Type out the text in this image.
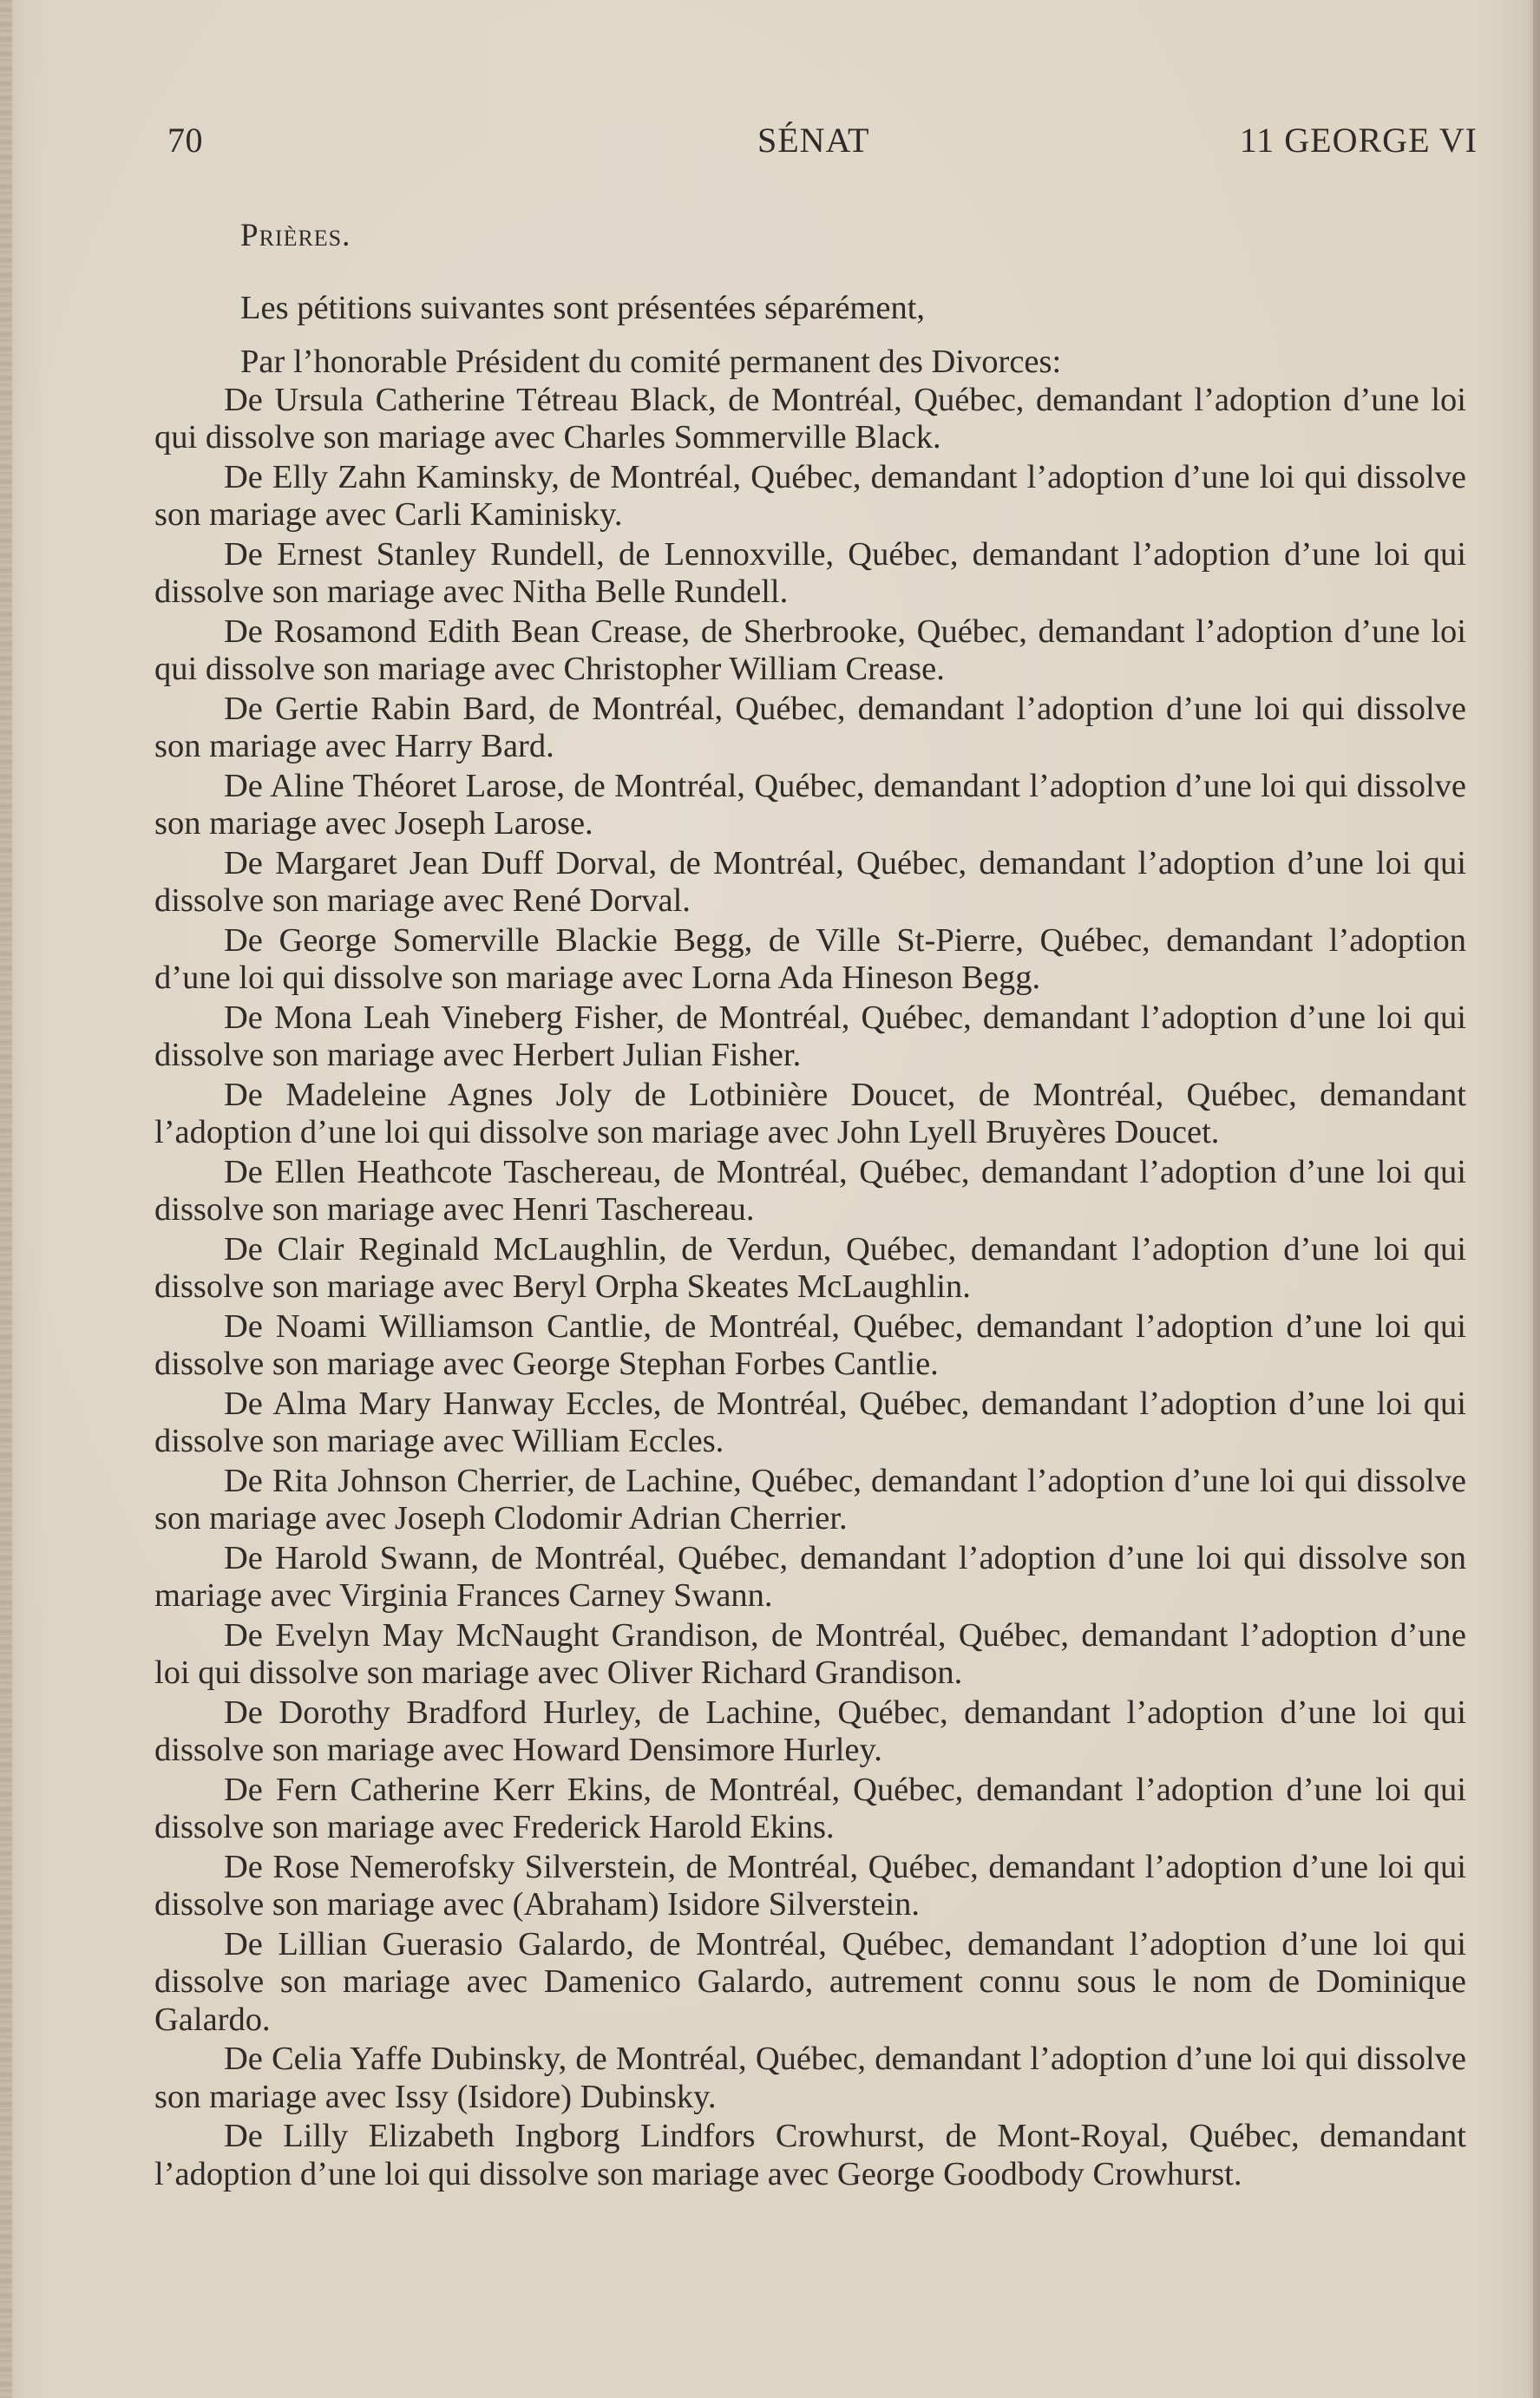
70	SÉNAT	11 GEORGE VI

Prières.

Les pétitions suivantes sont présentées séparément,

Par l’honorable Président du comité permanent des Divorces:

De Ursula Catherine Tétreau Black, de Montréal, Québec, demandant l’adoption d’une loi qui dissolve son mariage avec Charles Sommerville Black.

De Elly Zahn Kaminsky, de Montréal, Québec, demandant l’adoption d’une loi qui dissolve son mariage avec Carli Kaminisky.

De Ernest Stanley Rundell, de Lennoxville, Québec, demandant l’adoption d’une loi qui dissolve son mariage avec Nitha Belle Rundell.

De Rosamond Edith Bean Crease, de Sherbrooke, Québec, demandant l’adoption d’une loi qui dissolve son mariage avec Christopher William Crease.

De Gertie Rabin Bard, de Montréal, Québec, demandant l’adoption d’une loi qui dissolve son mariage avec Harry Bard.

De Aline Théoret Larose, de Montréal, Québec, demandant l’adoption d’une loi qui dissolve son mariage avec Joseph Larose.

De Margaret Jean Duff Dorval, de Montréal, Québec, demandant l’adoption d’une loi qui dissolve son mariage avec René Dorval.

De George Somerville Blackie Begg, de Ville St-Pierre, Québec, demandant l’adoption d’une loi qui dissolve son mariage avec Lorna Ada Hineson Begg.

De Mona Leah Vineberg Fisher, de Montréal, Québec, demandant l’adoption d’une loi qui dissolve son mariage avec Herbert Julian Fisher.

De Madeleine Agnes Joly de Lotbinière Doucet, de Montréal, Québec, demandant l’adoption d’une loi qui dissolve son mariage avec John Lyell Bruyères Doucet.

De Ellen Heathcote Taschereau, de Montréal, Québec, demandant l’adoption d’une loi qui dissolve son mariage avec Henri Taschereau.

De Clair Reginald McLaughlin, de Verdun, Québec, demandant l’adoption d’une loi qui dissolve son mariage avec Beryl Orpha Skeates McLaughlin.

De Noami Williamson Cantlie, de Montréal, Québec, demandant l’adoption d’une loi qui dissolve son mariage avec George Stephan Forbes Cantlie.

De Alma Mary Hanway Eccles, de Montréal, Québec, demandant l’adoption d’une loi qui dissolve son mariage avec William Eccles.

De Rita Johnson Cherrier, de Lachine, Québec, demandant l’adoption d’une loi qui dissolve son mariage avec Joseph Clodomir Adrian Cherrier.

De Harold Swann, de Montréal, Québec, demandant l’adoption d’une loi qui dissolve son mariage avec Virginia Frances Carney Swann.

De Evelyn May McNaught Grandison, de Montréal, Québec, demandant l’adoption d’une loi qui dissolve son mariage avec Oliver Richard Grandison.

De Dorothy Bradford Hurley, de Lachine, Québec, demandant l’adoption d’une loi qui dissolve son mariage avec Howard Densimore Hurley.

De Fern Catherine Kerr Ekins, de Montréal, Québec, demandant l’adoption d’une loi qui dissolve son mariage avec Frederick Harold Ekins.

De Rose Nemerofsky Silverstein, de Montréal, Québec, demandant l’adoption d’une loi qui dissolve son mariage avec (Abraham) Isidore Silverstein.

De Lillian Guerasio Galardo, de Montréal, Québec, demandant l’adoption d’une loi qui dissolve son mariage avec Damenico Galardo, autrement connu sous le nom de Dominique Galardo.

De Celia Yaffe Dubinsky, de Montréal, Québec, demandant l’adoption d’une loi qui dissolve son mariage avec Issy (Isidore) Dubinsky.

De Lilly Elizabeth Ingborg Lindfors Crowhurst, de Mont-Royal, Québec, demandant l’adoption d’une loi qui dissolve son mariage avec George Goodbody Crowhurst.
